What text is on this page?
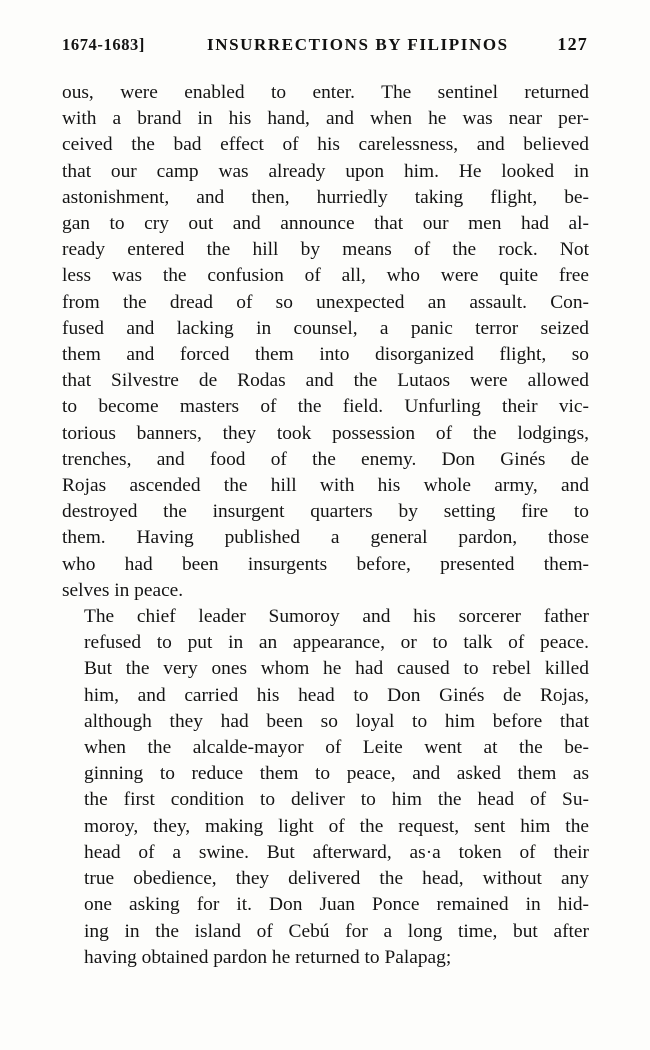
1674-1683]	INSURRECTIONS BY FILIPINOS	127

ous, were enabled to enter. The sentinel returned
with a brand in his hand, and when he was near per-
ceived the bad effect of his carelessness, and believed
that our camp was already upon him. He looked in
astonishment, and then, hurriedly taking flight, be-
gan to cry out and announce that our men had al-
ready entered the hill by means of the rock. Not
less was the confusion of all, who were quite free
from the dread of so unexpected an assault. Con-
fused and lacking in counsel, a panic terror seized
them and forced them into disorganized flight, so
that Silvestre de Rodas and the Lutaos were allowed
to become masters of the field. Unfurling their vic-
torious banners, they took possession of the lodgings,
trenches, and food of the enemy. Don Ginés de
Rojas ascended the hill with his whole army, and
destroyed the insurgent quarters by setting fire to
them. Having published a general pardon, those
who had been insurgents before, presented them-
selves in peace.

The chief leader Sumoroy and his sorcerer father
refused to put in an appearance, or to talk of peace.
But the very ones whom he had caused to rebel killed
him, and carried his head to Don Ginés de Rojas,
although they had been so loyal to him before that
when the alcalde-mayor of Leite went at the be-
ginning to reduce them to peace, and asked them as
the first condition to deliver to him the head of Su-
moroy, they, making light of the request, sent him the
head of a swine. But afterward, as·a token of their
true obedience, they delivered the head, without any
one asking for it. Don Juan Ponce remained in hid-
ing in the island of Cebú for a long time, but after
having obtained pardon he returned to Palapag;
